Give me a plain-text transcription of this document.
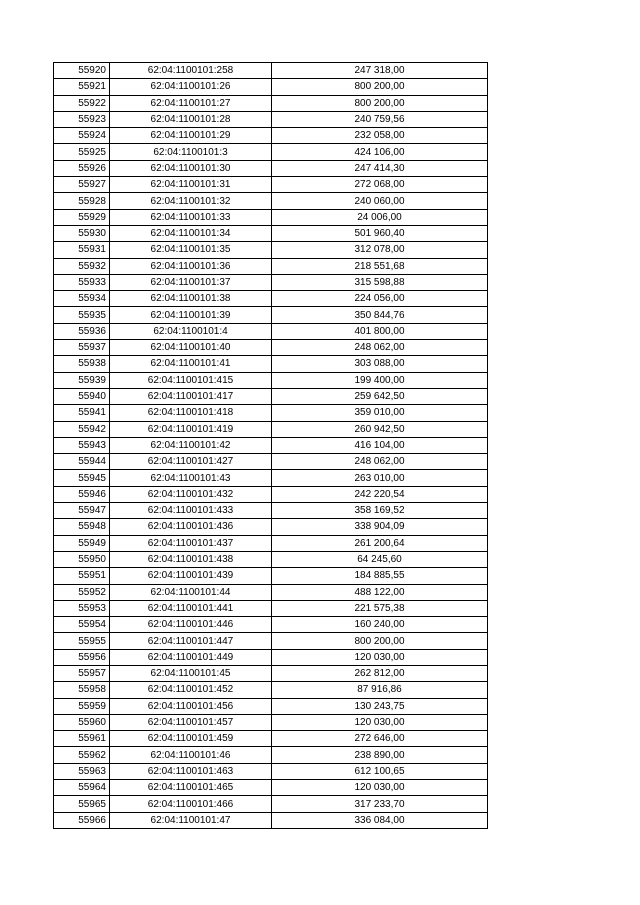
55920	62:04:1100101:258	247 318,00
55921	62:04:1100101:26	800 200,00
55922	62:04:1100101:27	800 200,00
55923	62:04:1100101:28	240 759,56
55924	62:04:1100101:29	232 058,00
55925	62:04:1100101:3	424 106,00
55926	62:04:1100101:30	247 414,30
55927	62:04:1100101:31	272 068,00
55928	62:04:1100101:32	240 060,00
55929	62:04:1100101:33	24 006,00
55930	62:04:1100101:34	501 960,40
55931	62:04:1100101:35	312 078,00
55932	62:04:1100101:36	218 551,68
55933	62:04:1100101:37	315 598,88
55934	62:04:1100101:38	224 056,00
55935	62:04:1100101:39	350 844,76
55936	62:04:1100101:4	401 800,00
55937	62:04:1100101:40	248 062,00
55938	62:04:1100101:41	303 088,00
55939	62:04:1100101:415	199 400,00
55940	62:04:1100101:417	259 642,50
55941	62:04:1100101:418	359 010,00
55942	62:04:1100101:419	260 942,50
55943	62:04:1100101:42	416 104,00
55944	62:04:1100101:427	248 062,00
55945	62:04:1100101:43	263 010,00
55946	62:04:1100101:432	242 220,54
55947	62:04:1100101:433	358 169,52
55948	62:04:1100101:436	338 904,09
55949	62:04:1100101:437	261 200,64
55950	62:04:1100101:438	64 245,60
55951	62:04:1100101:439	184 885,55
55952	62:04:1100101:44	488 122,00
55953	62:04:1100101:441	221 575,38
55954	62:04:1100101:446	160 240,00
55955	62:04:1100101:447	800 200,00
55956	62:04:1100101:449	120 030,00
55957	62:04:1100101:45	262 812,00
55958	62:04:1100101:452	87 916,86
55959	62:04:1100101:456	130 243,75
55960	62:04:1100101:457	120 030,00
55961	62:04:1100101:459	272 646,00
55962	62:04:1100101:46	238 890,00
55963	62:04:1100101:463	612 100,65
55964	62:04:1100101:465	120 030,00
55965	62:04:1100101:466	317 233,70
55966	62:04:1100101:47	336 084,00
